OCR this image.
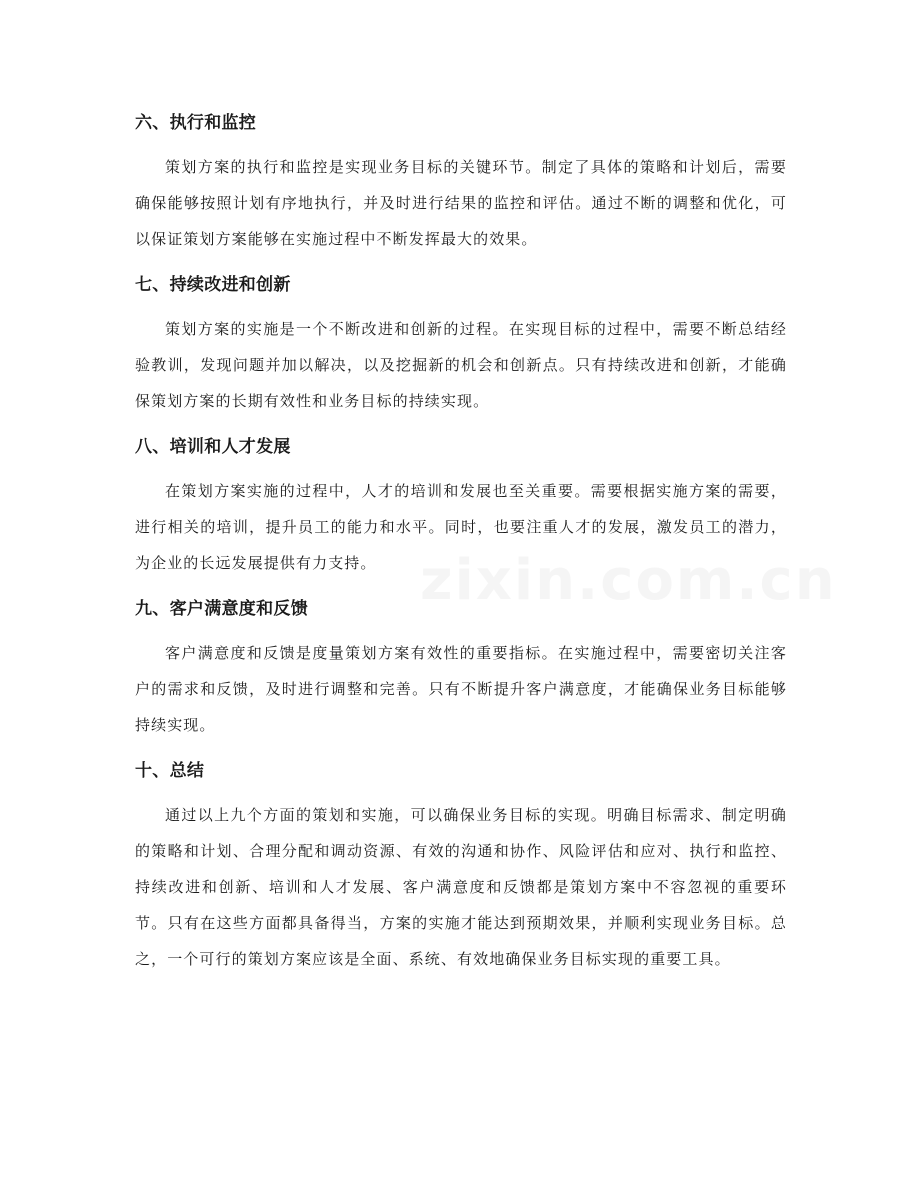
六、执行和监控

策划方案的执行和监控是实现业务目标的关键环节。制定了具体的策略和计划后，需要确保能够按照计划有序地执行，并及时进行结果的监控和评估。通过不断的调整和优化，可以保证策划方案能够在实施过程中不断发挥最大的效果。

七、持续改进和创新

策划方案的实施是一个不断改进和创新的过程。在实现目标的过程中，需要不断总结经验教训，发现问题并加以解决，以及挖掘新的机会和创新点。只有持续改进和创新，才能确保策划方案的长期有效性和业务目标的持续实现。

八、培训和人才发展

在策划方案实施的过程中，人才的培训和发展也至关重要。需要根据实施方案的需要，进行相关的培训，提升员工的能力和水平。同时，也要注重人才的发展，激发员工的潜力，为企业的长远发展提供有力支持。

九、客户满意度和反馈

客户满意度和反馈是度量策划方案有效性的重要指标。在实施过程中，需要密切关注客户的需求和反馈，及时进行调整和完善。只有不断提升客户满意度，才能确保业务目标能够持续实现。

十、总结

通过以上九个方面的策划和实施，可以确保业务目标的实现。明确目标需求、制定明确的策略和计划、合理分配和调动资源、有效的沟通和协作、风险评估和应对、执行和监控、持续改进和创新、培训和人才发展、客户满意度和反馈都是策划方案中不容忽视的重要环节。只有在这些方面都具备得当，方案的实施才能达到预期效果，并顺利实现业务目标。总之，一个可行的策划方案应该是全面、系统、有效地确保业务目标实现的重要工具。

zixin.com.cn
